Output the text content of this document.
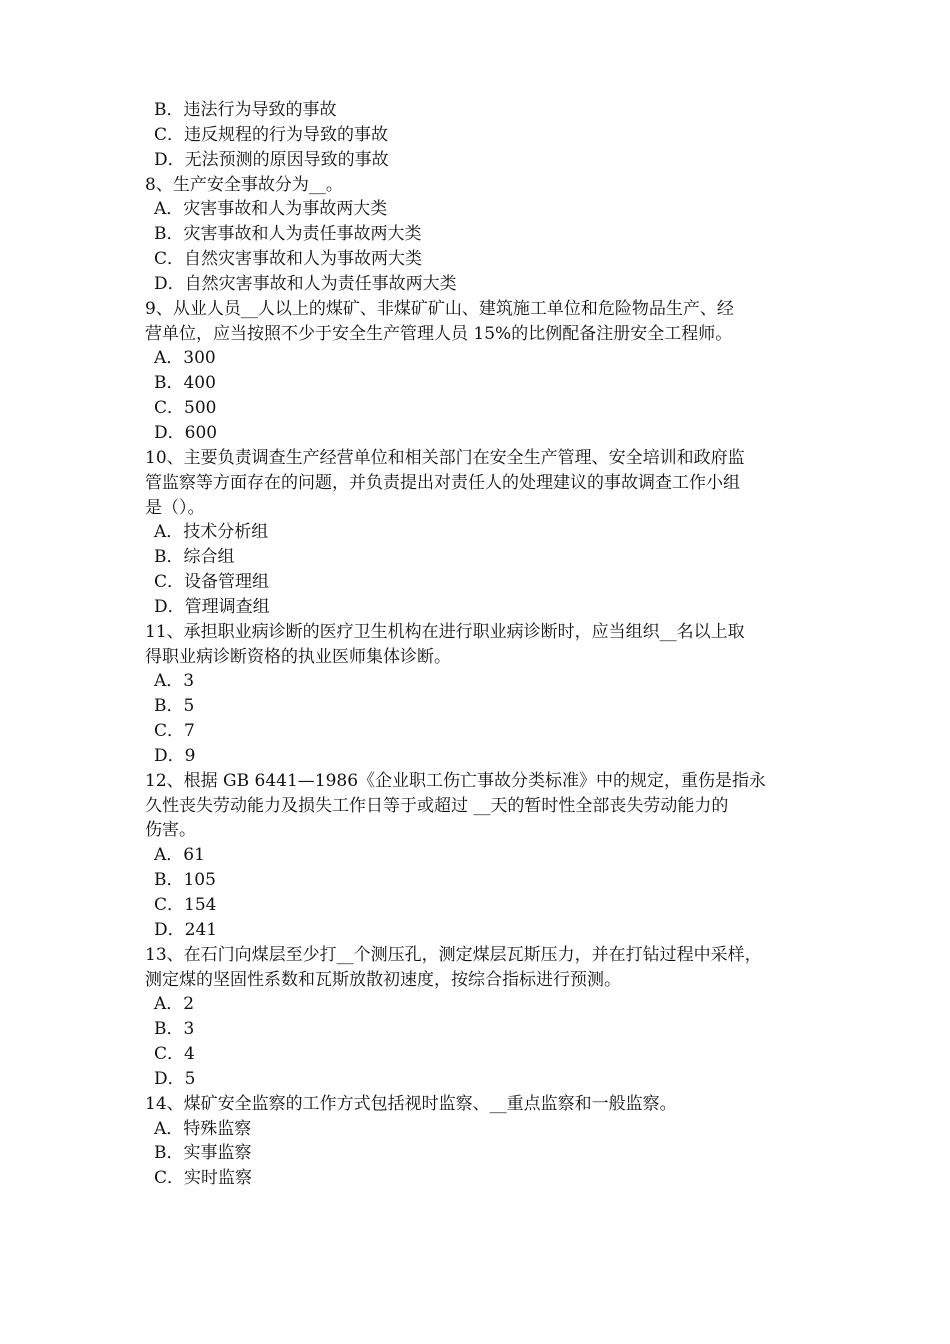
B．违法行为导致的事故
C．违反规程的行为导致的事故
D．无法预测的原因导致的事故
8、生产安全事故分为__。
A．灾害事故和人为事故两大类
B．灾害事故和人为责任事故两大类
C．自然灾害事故和人为事故两大类
D．自然灾害事故和人为责任事故两大类
9、从业人员__人以上的煤矿、非煤矿矿山、建筑施工单位和危险物品生产、经
营单位，应当按照不少于安全生产管理人员 15%的比例配备注册安全工程师。
A．300
B．400
C．500
D．600
10、主要负责调查生产经营单位和相关部门在安全生产管理、安全培训和政府监
管监察等方面存在的问题，并负责提出对责任人的处理建议的事故调查工作小组
是（）。
A．技术分析组
B．综合组
C．设备管理组
D．管理调查组
11、承担职业病诊断的医疗卫生机构在进行职业病诊断时，应当组织__名以上取
得职业病诊断资格的执业医师集体诊断。
A．3
B．5
C．7
D．9
12、根据 GB 6441—1986《企业职工伤亡事故分类标准》中的规定，重伤是指永
久性丧失劳动能力及损失工作日等于或超过 __天的暂时性全部丧失劳动能力的
伤害。
A．61
B．105
C．154
D．241
13、在石门向煤层至少打__个测压孔，测定煤层瓦斯压力，并在打钻过程中采样，
测定煤的坚固性系数和瓦斯放散初速度，按综合指标进行预测。
A．2
B．3
C．4
D．5
14、煤矿安全监察的工作方式包括视时监察、__重点监察和一般监察。
A．特殊监察
B．实事监察
C．实时监察
